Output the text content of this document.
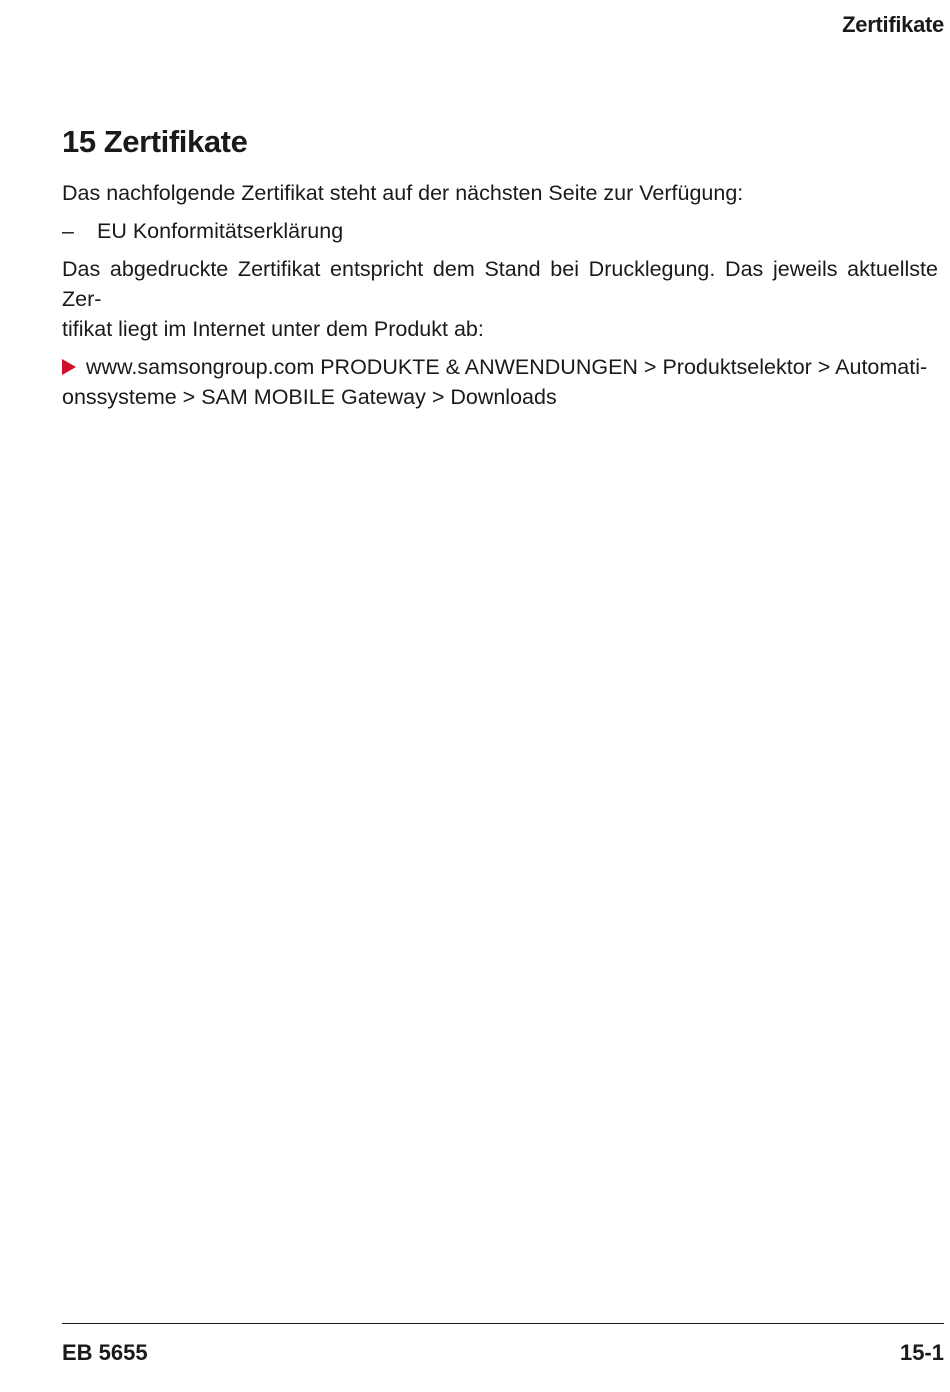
Zertifikate
15 Zertifikate

Das nachfolgende Zertifikat steht auf der nächsten Seite zur Verfügung:

–	EU Konformitätserklärung

Das abgedruckte Zertifikat entspricht dem Stand bei Drucklegung. Das jeweils aktuellste Zer-

tifikat liegt im Internet unter dem Produkt ab:

www.samsongroup.com PRODUKTE & ANWENDUNGEN > Produktselektor > Automati-

onssysteme > SAM MOBILE Gateway > Downloads

EB 5655	15-1
